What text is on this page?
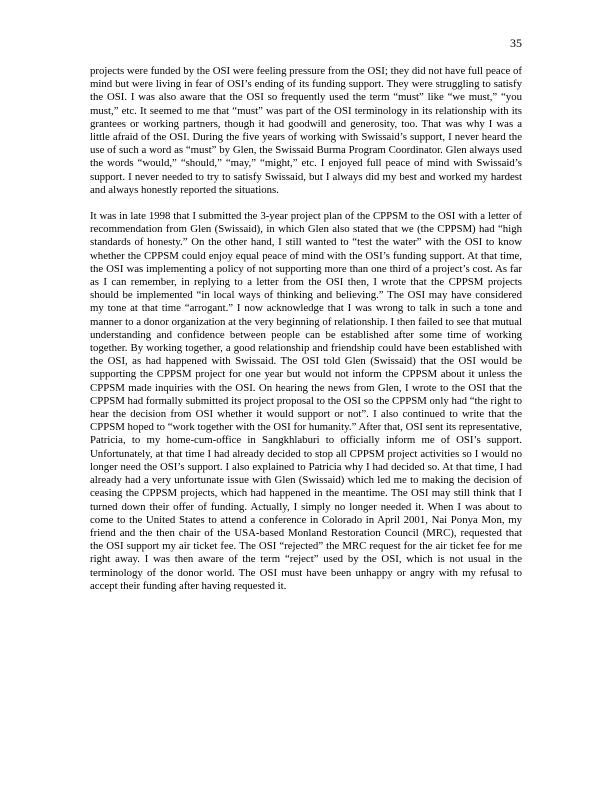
35

projects were funded by the OSI were feeling pressure from the OSI; they did not have full peace of mind but were living in fear of OSI’s ending of its funding support. They were struggling to satisfy the OSI. I was also aware that the OSI so frequently used the term “must” like “we must,” “you must,” etc. It seemed to me that “must” was part of the OSI terminology in its relationship with its grantees or working partners, though it had goodwill and generosity, too. That was why I was a little afraid of the OSI. During the five years of working with Swissaid’s support, I never heard the use of such a word as “must” by Glen, the Swissaid Burma Program Coordinator. Glen always used the words “would,” “should,” “may,” “might,” etc. I enjoyed full peace of mind with Swissaid’s support. I never needed to try to satisfy Swissaid, but I always did my best and worked my hardest and always honestly reported the situations.

It was in late 1998 that I submitted the 3-year project plan of the CPPSM to the OSI with a letter of recommendation from Glen (Swissaid), in which Glen also stated that we (the CPPSM) had “high standards of honesty.” On the other hand, I still wanted to “test the water” with the OSI to know whether the CPPSM could enjoy equal peace of mind with the OSI’s funding support. At that time, the OSI was implementing a policy of not supporting more than one third of a project’s cost. As far as I can remember, in replying to a letter from the OSI then, I wrote that the CPPSM projects should be implemented “in local ways of thinking and believing.” The OSI may have considered my tone at that time “arrogant.” I now acknowledge that I was wrong to talk in such a tone and manner to a donor organization at the very beginning of relationship. I then failed to see that mutual understanding and confidence between people can be established after some time of working together. By working together, a good relationship and friendship could have been established with the OSI, as had happened with Swissaid. The OSI told Glen (Swissaid) that the OSI would be supporting the CPPSM project for one year but would not inform the CPPSM about it unless the CPPSM made inquiries with the OSI. On hearing the news from Glen, I wrote to the OSI that the CPPSM had formally submitted its project proposal to the OSI so the CPPSM only had “the right to hear the decision from OSI whether it would support or not”. I also continued to write that the CPPSM hoped to “work together with the OSI for humanity.” After that, OSI sent its representative, Patricia, to my home-cum-office in Sangkhlaburi to officially inform me of OSI’s support. Unfortunately, at that time I had already decided to stop all CPPSM project activities so I would no longer need the OSI’s support. I also explained to Patricia why I had decided so. At that time, I had already had a very unfortunate issue with Glen (Swissaid) which led me to making the decision of ceasing the CPPSM projects, which had happened in the meantime. The OSI may still think that I turned down their offer of funding. Actually, I simply no longer needed it. When I was about to come to the United States to attend a conference in Colorado in April 2001, Nai Ponya Mon, my friend and the then chair of the USA-based Monland Restoration Council (MRC), requested that the OSI support my air ticket fee. The OSI “rejected” the MRC request for the air ticket fee for me right away. I was then aware of the term “reject” used by the OSI, which is not usual in the terminology of the donor world. The OSI must have been unhappy or angry with my refusal to accept their funding after having requested it.
